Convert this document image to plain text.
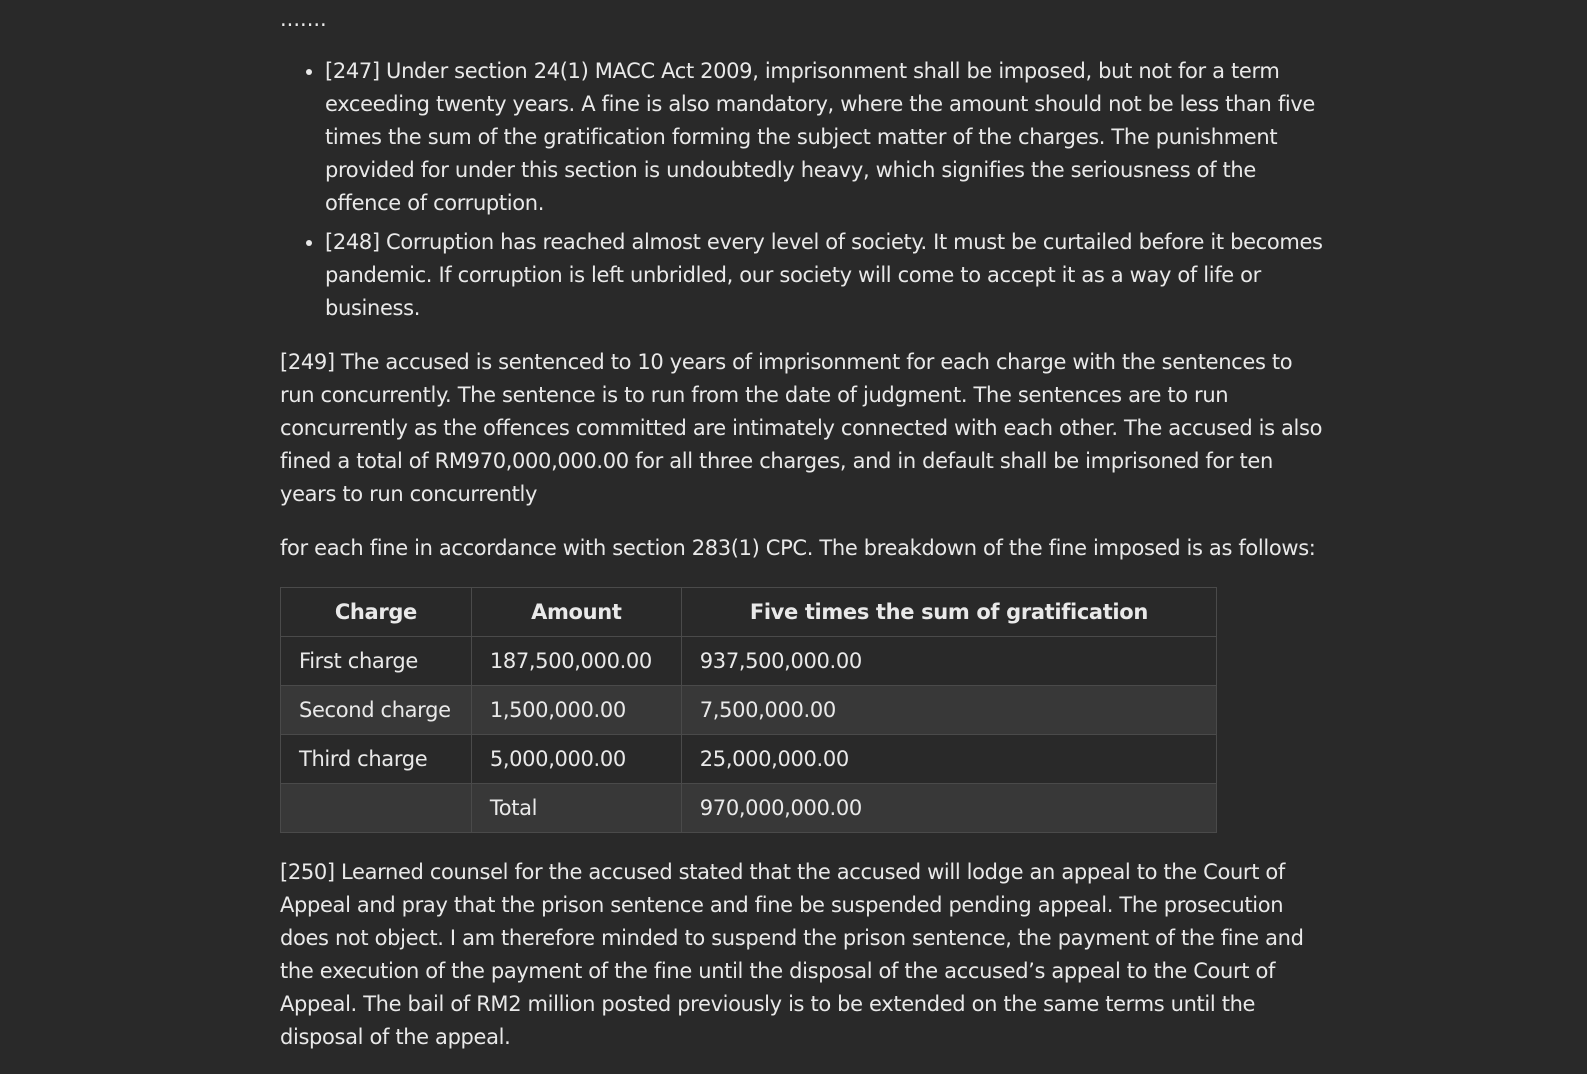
.......

• [247] Under section 24(1) MACC Act 2009, imprisonment shall be imposed, but not for a term exceeding twenty years. A fine is also mandatory, where the amount should not be less than five times the sum of the gratification forming the subject matter of the charges. The punishment provided for under this section is undoubtedly heavy, which signifies the seriousness of the offence of corruption.
• [248] Corruption has reached almost every level of society. It must be curtailed before it becomes pandemic. If corruption is left unbridled, our society will come to accept it as a way of life or business.

[249] The accused is sentenced to 10 years of imprisonment for each charge with the sentences to run concurrently. The sentence is to run from the date of judgment. The sentences are to run concurrently as the offences committed are intimately connected with each other. The accused is also fined a total of RM970,000,000.00 for all three charges, and in default shall be imprisoned for ten years to run concurrently

for each fine in accordance with section 283(1) CPC. The breakdown of the fine imposed is as follows:

Charge	Amount	Five times the sum of gratification
First charge	187,500,000.00	937,500,000.00
Second charge	1,500,000.00	7,500,000.00
Third charge	5,000,000.00	25,000,000.00
	Total	970,000,000.00

[250] Learned counsel for the accused stated that the accused will lodge an appeal to the Court of Appeal and pray that the prison sentence and fine be suspended pending appeal. The prosecution does not object. I am therefore minded to suspend the prison sentence, the payment of the fine and the execution of the payment of the fine until the disposal of the accused’s appeal to the Court of Appeal. The bail of RM2 million posted previously is to be extended on the same terms until the disposal of the appeal.
